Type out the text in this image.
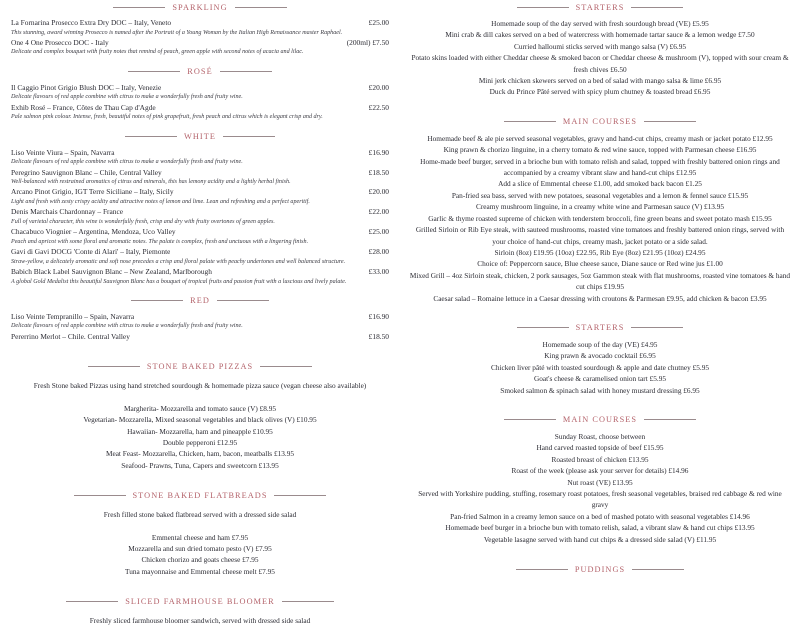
SPARKLING
La Fornarina Prosecco Extra Dry DOC – Italy, Veneto	£25.00
This stunning, award winning Prosecco is named after the Portrait of a Young Woman by the Italian High Renaissance master Raphael.
One 4 One Prosecco DOC - Italy	(200ml) £7.50
Delicate and complex bouquet with fruity notes that remind of peach, green apple with second notes of acacia and lilac.
ROSÉ
Il Caggio Pinot Grigio Blush DOC – Italy, Venezie	£20.00
Delicate flavours of red apple combine with citrus to make a wonderfully fresh and fruity wine.
Exhib Rosé – France, Côtes de Thau Cap d'Agde	£22.50
Pale salmon pink colour. Intense, fresh, beautiful notes of pink grapefruit, fresh peach and citrus which is elegant crisp and dry.
WHITE
Liso Veinte Viura – Spain, Navarra	£16.90
Delicate flavours of red apple combine with citrus to make a wonderfully fresh and fruity wine.
Peregrino Sauvignon Blanc – Chile, Central Valley	£18.50
Well-balanced with restrained aromatics of citrus and minerals, this has lemony acidity and a lightly herbal finish.
Arcano Pinot Grigio, IGT Terre Siciliane – Italy, Sicily	£20.00
Light and fresh with zesty crispy acidity and attractive notes of lemon and lime. Lean and refreshing and a perfect aperitif.
Denis Marchais Chardonnay – France	£22.00
Full of varietal character, this wine is wonderfully fresh, crisp and dry with fruity overtones of green apples.
Chacabuco Viognier – Argentina, Mendoza, Uco Valley	£25.00
Peach and apricot with some floral and aromatic notes. The palate is complex, fresh and unctuous with a lingering finish.
Gavi di Gavi DOCG 'Conte di Alari' – Italy, Piemonte	£28.00
Straw-yellow, a delicately aromatic and soft nose precedes a crisp and floral palate with peachy undertones and well balanced structure.
Babich Black Label Sauvignon Blanc – New Zealand, Marlborough	£33.00
A global Gold Medalist this beautiful Sauvignon Blanc has a bouquet of tropical fruits and passion fruit with a luscious and lively palate.
RED
Liso Veinte Tempranillo – Spain, Navarra	£16.90
Delicate flavours of red apple combine with citrus to make a wonderfully fresh and fruity wine.
Pererrino Merlot – Chile. Central Valley	£18.50
STONE BAKED PIZZAS
Fresh Stone baked Pizzas using hand stretched sourdough & homemade pizza sauce (vegan cheese also available)
Margherita- Mozzarella and tomato sauce (V) £8.95
Vegetarian- Mozzarella, Mixed seasonal vegetables and black olives (V) £10.95
Hawaiian- Mozzarella, ham and pineapple £10.95
Double pepperoni £12.95
Meat Feast- Mozzarella, Chicken, ham, bacon, meatballs £13.95
Seafood- Prawns, Tuna, Capers and sweetcorn £13.95
STONE BAKED FLATBREADS
Fresh filled stone baked flatbread served with a dressed side salad
Emmental cheese and ham £7.95
Mozzarella and sun dried tomato pesto (V) £7.95
Chicken chorizo and goats cheese £7.95
Tuna mayonnaise and Emmental cheese melt £7.95
SLICED FARMHOUSE BLOOMER
Freshly sliced farmhouse bloomer sandwich, served with dressed side salad
STARTERS
Homemade soup of the day served with fresh sourdough bread (VE) £5.95
Mini crab & dill cakes served on a bed of watercress with homemade tartar sauce & a lemon wedge £7.50
Curried halloumi sticks served with mango salsa (V) £6.95
Potato skins loaded with either Cheddar cheese & smoked bacon or Cheddar cheese & mushroom (V), topped with sour cream & fresh chives £6.50
Mini jerk chicken skewers served on a bed of salad with mango salsa & lime £6.95
Duck du Prince Pâté served with spicy plum chutney & toasted bread £6.95
MAIN COURSES
Homemade beef & ale pie served seasonal vegetables, gravy and hand-cut chips, creamy mash or jacket potato £12.95
King prawn & chorizo linguine, in a cherry tomato & red wine sauce, topped with Parmesan cheese £16.95
Home-made beef burger, served in a brioche bun with tomato relish and salad, topped with freshly battered onion rings and accompanied by a creamy vibrant slaw and hand-cut chips £12.95
Add a slice of Emmental cheese £1.00, add smoked back bacon £1.25
Pan-fried sea bass, served with new potatoes, seasonal vegetables and a lemon & fennel sauce £15.95
Creamy mushroom linguine, in a creamy white wine and Parmesan sauce (V) £13.95
Garlic & thyme roasted supreme of chicken with tenderstem broccoli, fine green beans and sweet potato mash £15.95
Grilled Sirloin or Rib Eye steak, with sauteed mushrooms, roasted vine tomatoes and freshly battered onion rings, served with your choice of hand-cut chips, creamy mash, jacket potato or a side salad.
Sirloin (8oz) £19.95 (10oz) £22.95, Rib Eye (8oz) £21.95 (10oz) £24.95
Choice of: Peppercorn sauce, Blue cheese sauce, Diane sauce or Red wine jus £1.00
Mixed Grill – 4oz Sirloin steak, chicken, 2 pork sausages, 5oz Gammon steak with flat mushrooms, roasted vine tomatoes & hand cut chips £19.95
Caesar salad – Romaine lettuce in a Caesar dressing with croutons & Parmesan £9.95, add chicken & bacon £3.95
STARTERS
Homemade soup of the day (VE) £4.95
King prawn & avocado cocktail £6.95
Chicken liver pâté with toasted sourdough & apple and date chutney £5.95
Goat's cheese & caramelised onion tart £5.95
Smoked salmon & spinach salad with honey mustard dressing £6.95
MAIN COURSES
Sunday Roast, choose between
Hand carved roasted topside of beef £15.95
Roasted breast of chicken £13.95
Roast of the week (please ask your server for details) £14.96
Nut roast (VE) £13.95
Served with Yorkshire pudding, stuffing, rosemary roast potatoes, fresh seasonal vegetables, braised red cabbage & red wine gravy
Pan-fried Salmon in a creamy lemon sauce on a bed of mashed potato with seasonal vegetables £14.96
Homemade beef burger in a brioche bun with tomato relish, salad, a vibrant slaw & hand cut chips £13.95
Vegetable lasagne served with hand cut chips & a dressed side salad (V) £11.95
PUDDINGS
